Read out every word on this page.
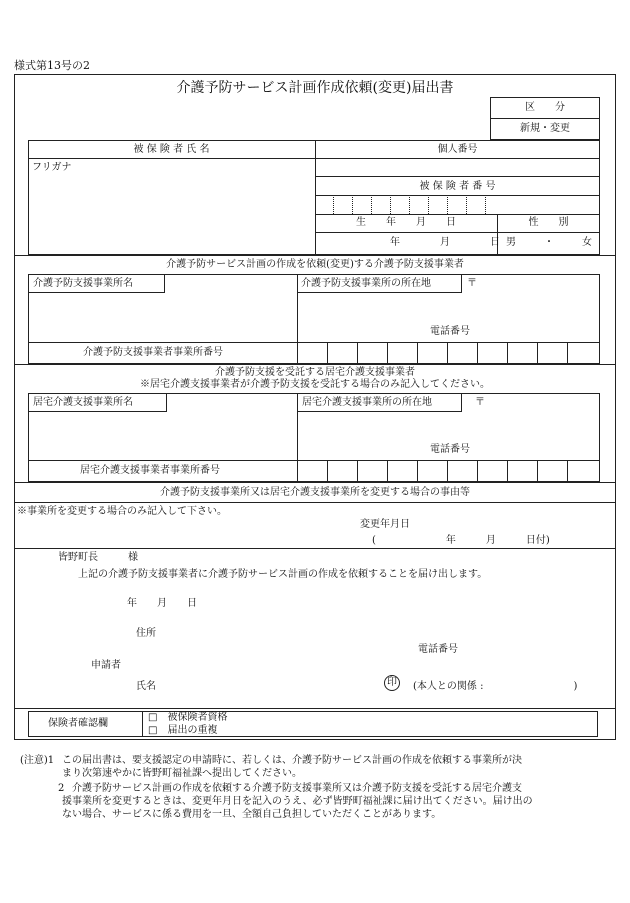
様式第13号の2
介護予防サービス計画作成依頼(変更)届出書
区　　分
新規・変更
被 保 険 者 氏 名	個人番号
フリガナ
被 保 険 者 番 号
生　　年　　月　　日	性　　別
年　　　　月　　　　日 男	・	女
介護予防サービス計画の作成を依頼(変更)する介護予防支援事業者
介護予防支援事業所名	介護予防支援事業所の所在地	〒
電話番号
介護予防支援事業者事業所番号
介護予防支援を受託する居宅介護支援事業者
※居宅介護支援事業者が介護予防支援を受託する場合のみ記入してください。
居宅介護支援事業所名	居宅介護支援事業所の所在地	〒
電話番号
居宅介護支援事業者事業所番号
介護予防支援事業所又は居宅介護支援事業所を変更する場合の事由等
※事業所を変更する場合のみ記入して下さい。
変更年月日
(　　　　　　　年　　　月　　　日付)
皆野町長　　　様
上記の介護予防支援事業者に介護予防サービス計画の作成を依頼することを届け出します。
年　　月　　日
住所
電話番号
申請者
氏名	印 (本人との関係 :　　　　　　　　　)
保険者確認欄
□　被保険者資格
□　届出の重複
(注意)1 この届出書は、要支援認定の申請時に、若しくは、介護予防サービス計画の作成を依頼する事業所が決
まり次第速やかに皆野町福祉課へ提出してください。
2 介護予防サービス計画の作成を依頼する介護予防支援事業所又は介護予防支援を受託する居宅介護支
援事業所を変更するときは、変更年月日を記入のうえ、必ず皆野町福祉課に届け出てください。届け出の
ない場合、サービスに係る費用を一旦、全額自己負担していただくことがあります。
